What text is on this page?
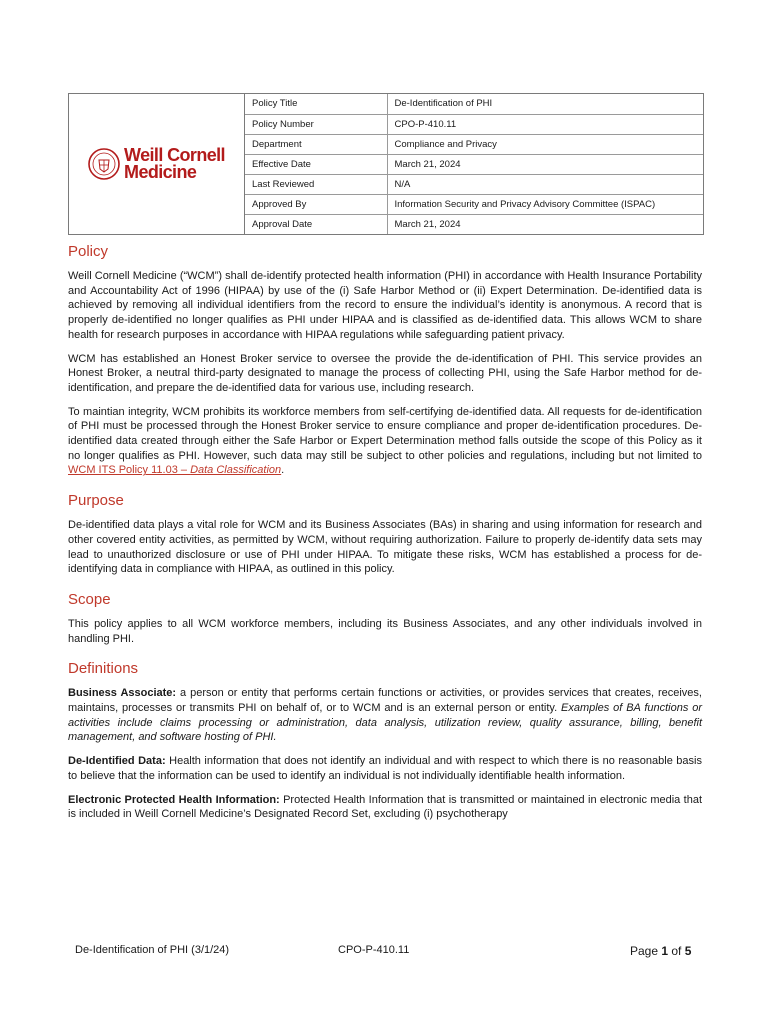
Weill Cornell
Medicine
Policy Title	De-Identification of PHI
Policy Number	CPO-P-410.11
Department	Compliance and Privacy
Effective Date	March 21, 2024
Last Reviewed	N/A
Approved By	Information Security and Privacy Advisory Committee (ISPAC)
Approval Date	March 21, 2024
Policy

Weill Cornell Medicine (“WCM”) shall de-identify protected health information (PHI) in accordance with Health Insurance Portability and Accountability Act of 1996 (HIPAA) by use of the (i) Safe Harbor Method or (ii) Expert Determination. De-identified data is achieved by removing all individual identifiers from the record to ensure the individual’s identity is anonymous. A record that is properly de-identified no longer qualifies as PHI under HIPAA and is classified as de-identified data. This allows WCM to share health for research purposes in accordance with HIPAA regulations while safeguarding patient privacy.

WCM has established an Honest Broker service to oversee the provide the de-identification of PHI. This service provides an Honest Broker, a neutral third-party designated to manage the process of collecting PHI, using the Safe Harbor method for de-identification, and prepare the de-identified data for various use, including research.

To maintian integrity, WCM prohibits its workforce members from self-certifying de-identified data. All requests for de-identification of PHI must be processed through the Honest Broker service to ensure compliance and proper de-identification procedures. De-identified data created through either the Safe Harbor or Expert Determination method falls outside the scope of this Policy as it no longer qualifies as PHI. However, such data may still be subject to other policies and regulations, including but not limited to WCM ITS Policy 11.03 – Data Classification.

Purpose

De-identified data plays a vital role for WCM and its Business Associates (BAs) in sharing and using information for research and other covered entity activities, as permitted by WCM, without requiring authorization. Failure to properly de-identify data sets may lead to unauthorized disclosure or use of PHI under HIPAA. To mitigate these risks, WCM has established a process for de-identifying data in compliance with HIPAA, as outlined in this policy.

Scope

This policy applies to all WCM workforce members, including its Business Associates, and any other individuals involved in handling PHI.

Definitions

Business Associate: a person or entity that performs certain functions or activities, or provides services that creates, receives, maintains, processes or transmits PHI on behalf of, or to WCM and is an external person or entity. Examples of BA functions or activities include claims processing or administration, data analysis, utilization review, quality assurance, billing, benefit management, and software hosting of PHI.

De-Identified Data: Health information that does not identify an individual and with respect to which there is no reasonable basis to believe that the information can be used to identify an individual is not individually identifiable health information.

Electronic Protected Health Information: Protected Health Information that is transmitted or maintained in electronic media that is included in Weill Cornell Medicine’s Designated Record Set, excluding (i) psychotherapy

De-Identification of PHI (3/1/24)	CPO-P-410.11	Page 1 of 5
